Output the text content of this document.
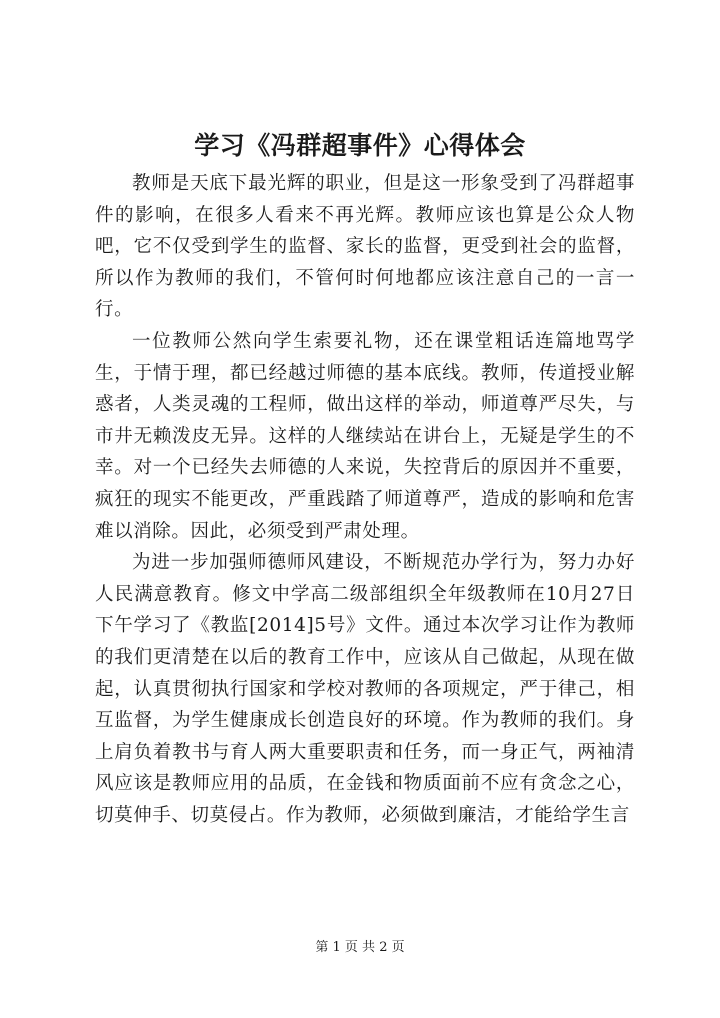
学习《冯群超事件》心得体会

教师是天底下最光辉的职业，但是这一形象受到了冯群超事件的影响，在很多人看来不再光辉。教师应该也算是公众人物吧，它不仅受到学生的监督、家长的监督，更受到社会的监督，所以作为教师的我们，不管何时何地都应该注意自己的一言一行。

一位教师公然向学生索要礼物，还在课堂粗话连篇地骂学生，于情于理，都已经越过师德的基本底线。教师，传道授业解惑者，人类灵魂的工程师，做出这样的举动，师道尊严尽失，与市井无赖泼皮无异。这样的人继续站在讲台上，无疑是学生的不幸。对一个已经失去师德的人来说，失控背后的原因并不重要，疯狂的现实不能更改，严重践踏了师道尊严，造成的影响和危害难以消除。因此，必须受到严肃处理。

为进一步加强师德师风建设，不断规范办学行为，努力办好人民满意教育。修文中学高二级部组织全年级教师在10月27日下午学习了《教监[2014]5号》文件。通过本次学习让作为教师的我们更清楚在以后的教育工作中，应该从自己做起，从现在做起，认真贯彻执行国家和学校对教师的各项规定，严于律己，相互监督，为学生健康成长创造良好的环境。作为教师的我们。身上肩负着教书与育人两大重要职责和任务，而一身正气，两袖清风应该是教师应用的品质，在金钱和物质面前不应有贪念之心，切莫伸手、切莫侵占。作为教师，必须做到廉洁，才能给学生言

第 1 页 共 2 页
